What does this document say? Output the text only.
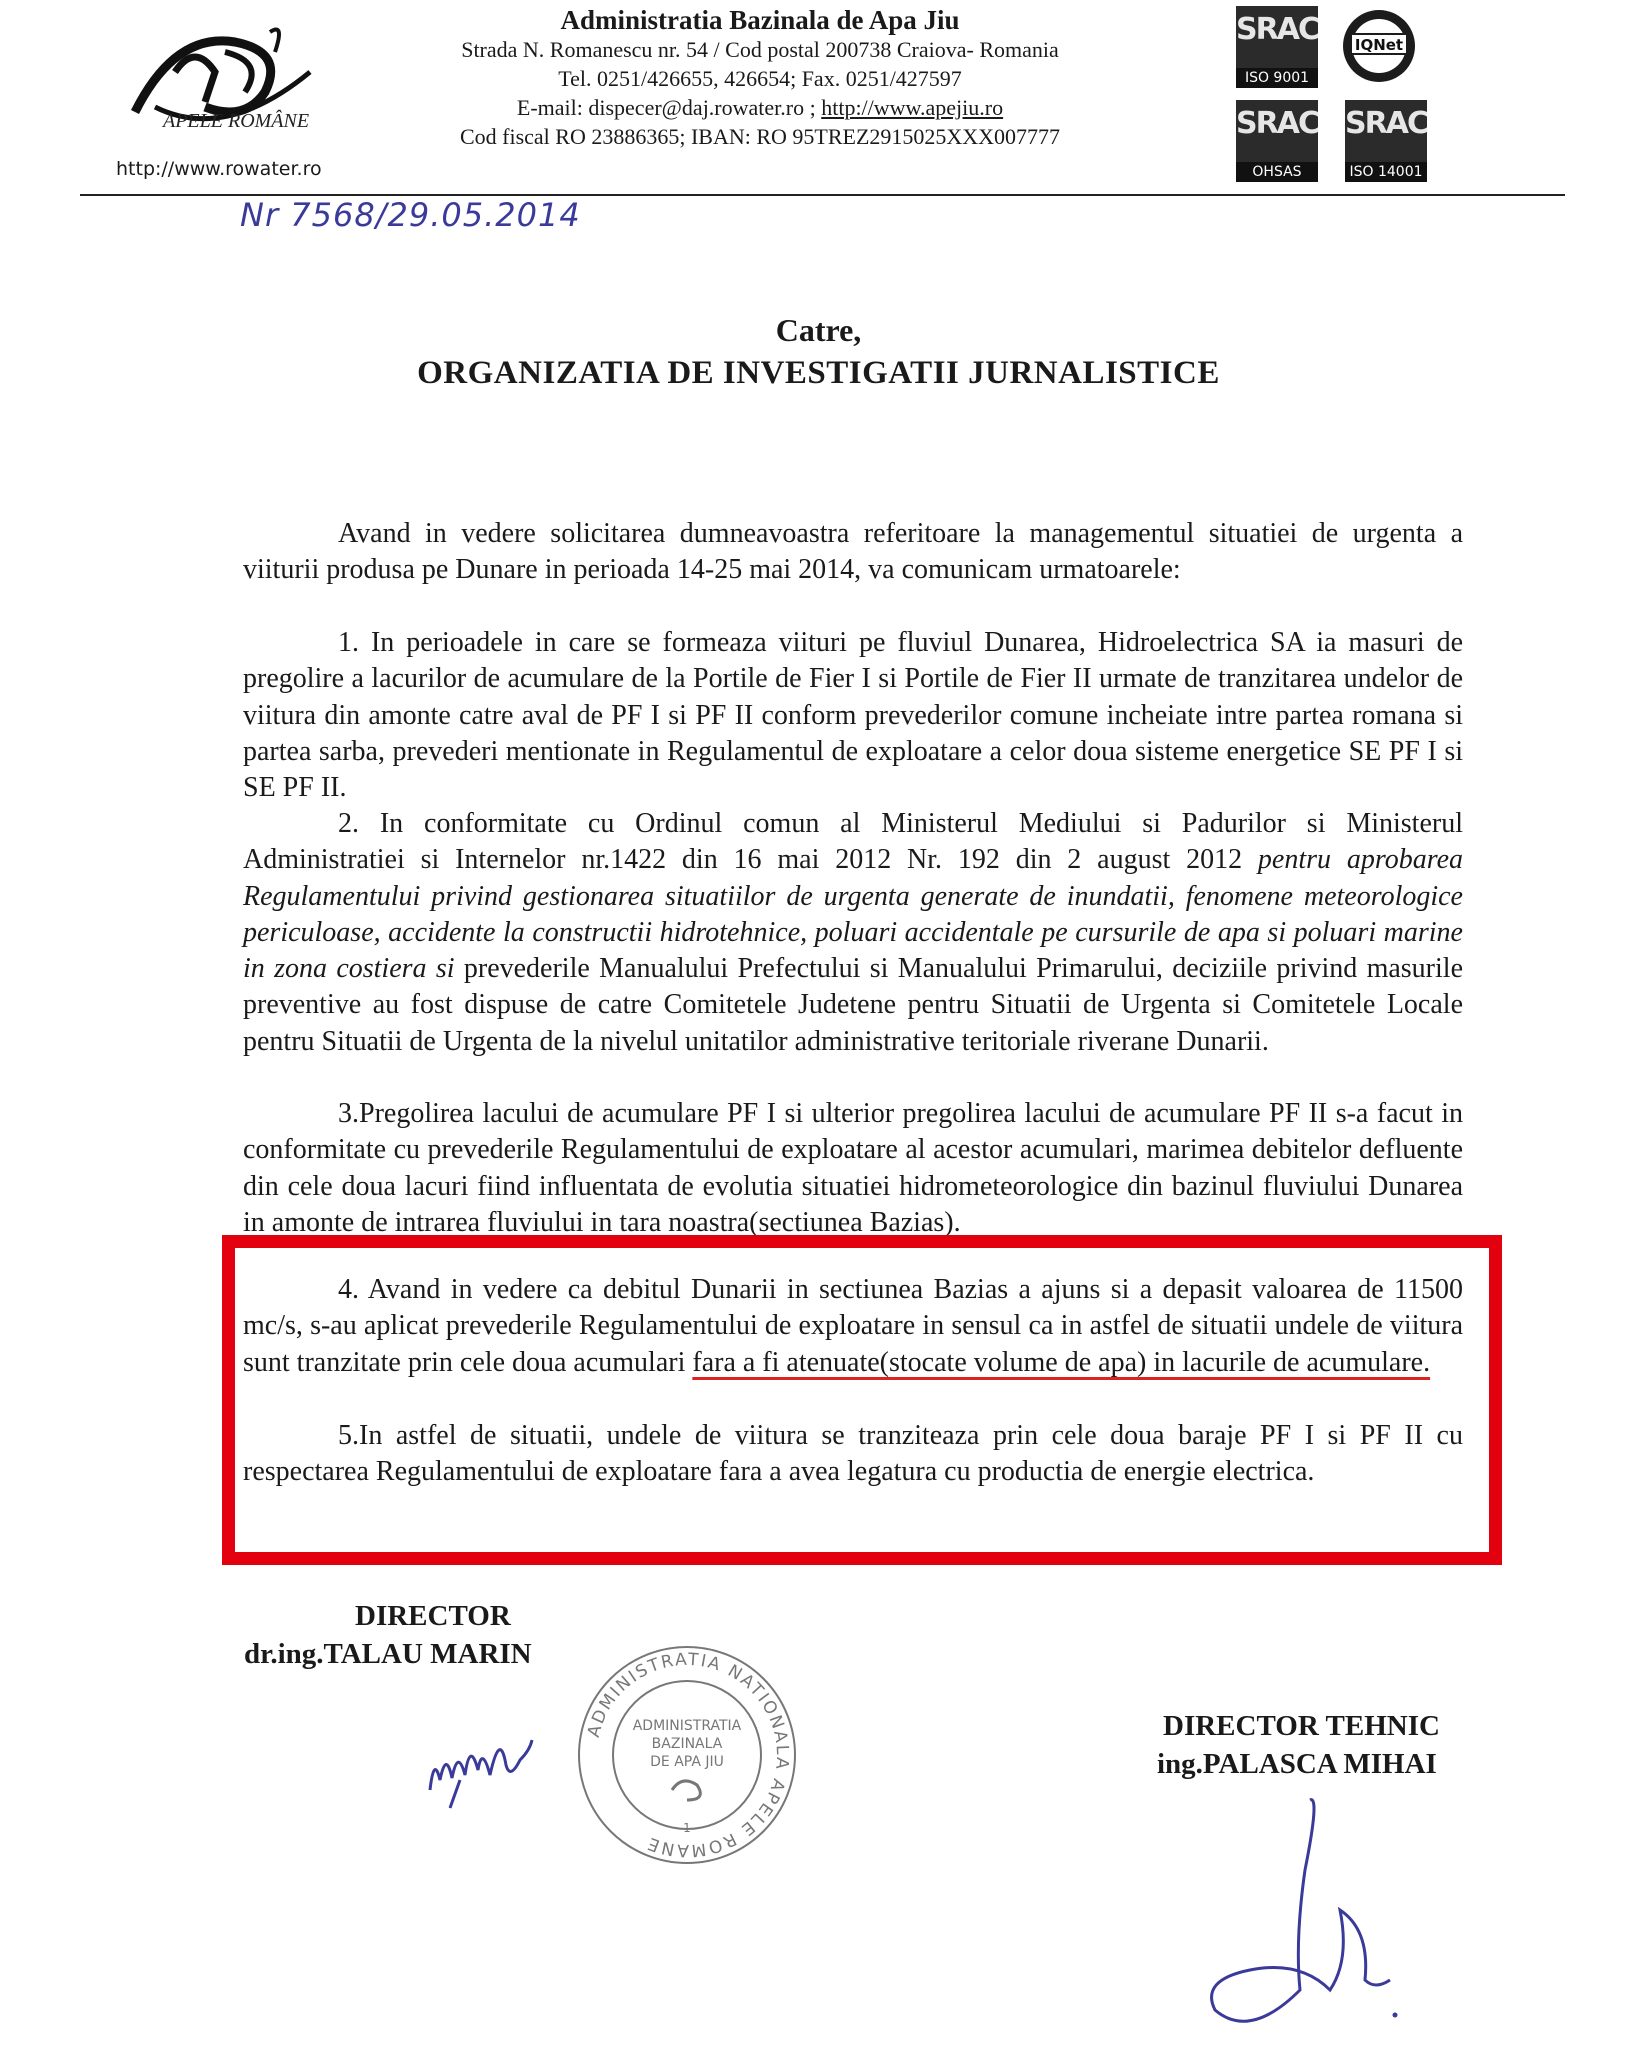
APELE ROMÂNE
http://www.rowater.ro
Administratia Bazinala de Apa Jiu
Strada N. Romanescu nr. 54 / Cod postal 200738 Craiova- Romania
Tel. 0251/426655, 426654; Fax. 0251/427597
E-mail: dispecer@daj.rowater.ro ; http://www.apejiu.ro
Cod fiscal RO 23886365; IBAN: RO 95TREZ2915025XXX007777
SRAC
ISO 9001
IQNet
SRAC
OHSAS 18001
SRAC
ISO 14001
Nr 7568/29.05.2014
Catre,
ORGANIZATIA DE INVESTIGATII JURNALISTICE
Avand in vedere solicitarea dumneavoastra referitoare la managementul situatiei de urgenta a viiturii produsa pe Dunare in perioada 14-25 mai 2014, va comunicam urmatoarele:
1. In perioadele in care se formeaza viituri pe fluviul Dunarea, Hidroelectrica SA ia masuri de pregolire a lacurilor de acumulare de la Portile de Fier I si Portile de Fier II urmate de tranzitarea undelor de viitura din amonte catre aval de PF I si PF II conform prevederilor comune incheiate intre partea romana si partea sarba, prevederi mentionate in Regulamentul de exploatare a celor doua sisteme energetice SE PF I si SE PF II.
2. In conformitate cu Ordinul comun al Ministerul Mediului si Padurilor si Ministerul Administratiei si Internelor nr.1422 din 16 mai 2012 Nr. 192 din 2 august 2012 pentru aprobarea Regulamentului privind gestionarea situatiilor de urgenta generate de inundatii, fenomene meteorologice periculoase, accidente la constructii hidrotehnice, poluari accidentale pe cursurile de apa si poluari marine in zona costiera si prevederile Manualului Prefectului si Manualului Primarului, deciziile privind masurile preventive au fost dispuse de catre Comitetele Judetene pentru Situatii de Urgenta si Comitetele Locale pentru Situatii de Urgenta de la nivelul unitatilor administrative teritoriale riverane Dunarii.
3.Pregolirea lacului de acumulare PF I si ulterior pregolirea lacului de acumulare PF II s-a facut in conformitate cu prevederile Regulamentului de exploatare al acestor acumulari, marimea debitelor defluente din cele doua lacuri fiind influentata de evolutia situatiei hidrometeorologice din bazinul fluviului Dunarea in amonte de intrarea fluviului in tara noastra(sectiunea Bazias).
4. Avand in vedere ca debitul Dunarii in sectiunea Bazias a ajuns si a depasit valoarea de 11500 mc/s, s-au aplicat prevederile Regulamentului de exploatare in sensul ca in astfel de situatii undele de viitura sunt tranzitate prin cele doua acumulari fara a fi atenuate(stocate volume de apa) in lacurile de acumulare.
5.In astfel de situatii, undele de viitura se tranziteaza prin cele doua baraje PF I si PF II cu respectarea Regulamentului de exploatare fara a avea legatura cu productia de energie electrica.
DIRECTOR
dr.ing.TALAU MARIN
DIRECTOR TEHNIC
ing.PALASCA MIHAI
ADMINISTRATIA NATIONALA APELE ROMANE
ADMINISTRATIA
BAZINALA
DE APA JIU
1
